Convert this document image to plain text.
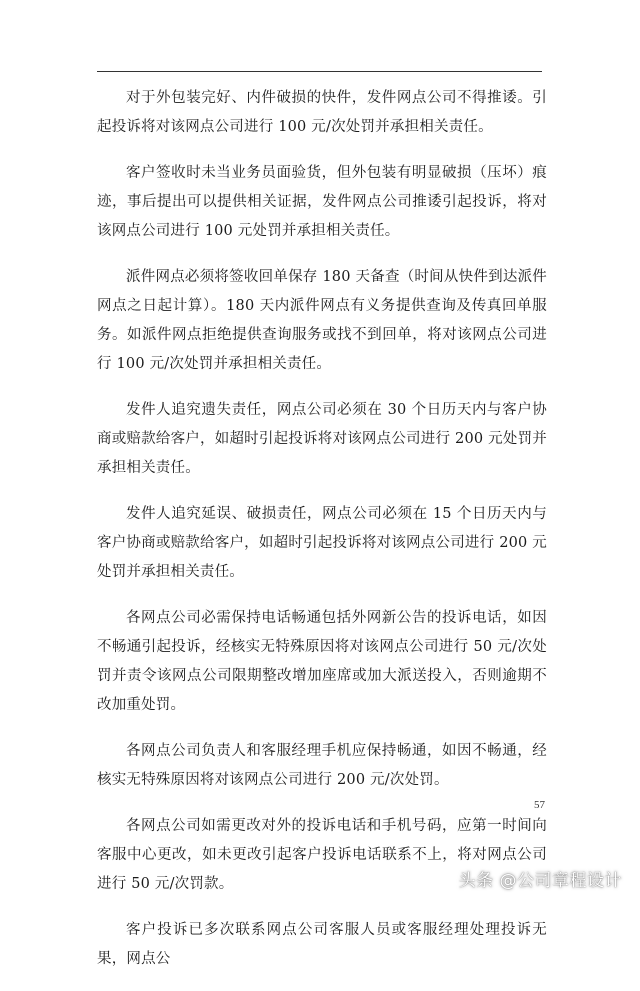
对于外包装完好、内件破损的快件，发件网点公司不得推诿。引起投诉将对该网点公司进行 100 元/次处罚并承担相关责任。

客户签收时未当业务员面验货，但外包装有明显破损（压坏）痕迹，事后提出可以提供相关证据，发件网点公司推诿引起投诉，将对该网点公司进行 100 元处罚并承担相关责任。

派件网点必须将签收回单保存 180 天备查（时间从快件到达派件网点之日起计算）。180 天内派件网点有义务提供查询及传真回单服务。如派件网点拒绝提供查询服务或找不到回单，将对该网点公司进行 100 元/次处罚并承担相关责任。

发件人追究遗失责任，网点公司必须在 30 个日历天内与客户协商或赔款给客户，如超时引起投诉将对该网点公司进行 200 元处罚并承担相关责任。

发件人追究延误、破损责任，网点公司必须在 15 个日历天内与客户协商或赔款给客户，如超时引起投诉将对该网点公司进行 200 元处罚并承担相关责任。

各网点公司必需保持电话畅通包括外网新公告的投诉电话，如因不畅通引起投诉，经核实无特殊原因将对该网点公司进行 50 元/次处罚并责令该网点公司限期整改增加座席或加大派送投入，否则逾期不改加重处罚。

各网点公司负责人和客服经理手机应保持畅通，如因不畅通，经核实无特殊原因将对该网点公司进行 200 元/次处罚。

各网点公司如需更改对外的投诉电话和手机号码，应第一时间向客服中心更改，如未更改引起客户投诉电话联系不上，将对网点公司进行 50 元/次罚款。

客户投诉已多次联系网点公司客服人员或客服经理处理投诉无果，网点公

57
头条 @公司章程设计
